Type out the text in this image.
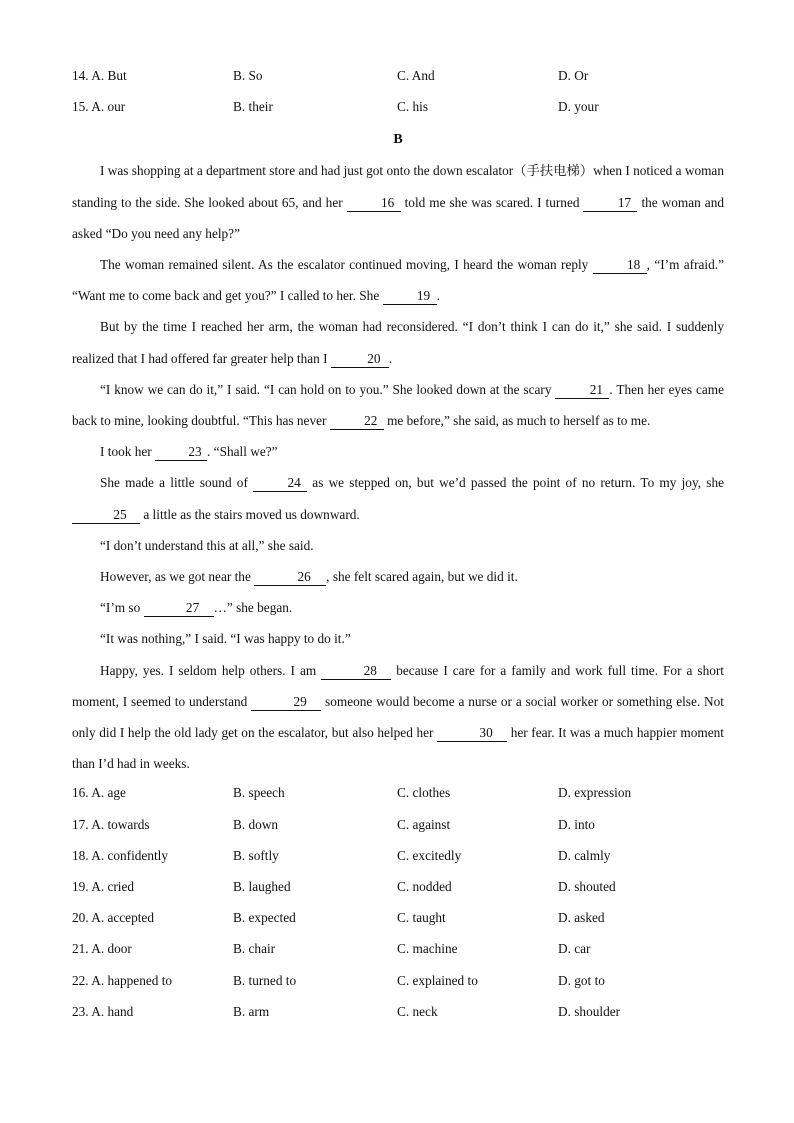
14. A. But	B. So	C. And	D. Or
15. A. our	B. their	C. his	D. your
B

I was shopping at a department store and had just got onto the down escalator（手扶电梯）when I noticed a woman standing to the side. She looked about 65, and her	16 told me she was scared. I turned	17 the woman and asked “Do you need any help?”

The woman remained silent. As the escalator continued moving, I heard the woman reply	18 , “I’m afraid.” “Want me to come back and get you?” I called to her. She	19 .

But by the time I reached her arm, the woman had reconsidered. “I don’t think I can do it,” she said. I suddenly realized that I had offered far greater help than I	20 .

“I know we can do it,” I said. “I can hold on to you.” She looked down at the scary	21 . Then her eyes came back to mine, looking doubtful. “This has never	22 me before,” she said, as much to herself as to me.

I took her	23 . “Shall we?”

She made a little sound of	24 as we stepped on, but we’d passed the point of no return. To my joy, she 25 a little as the stairs moved us downward.

“I don’t understand this at all,” she said.

However, as we got near the	26 , she felt scared again, but we did it.

“I’m so	27 …” she began.

“It was nothing,” I said. “I was happy to do it.”

Happy, yes. I seldom help others. I am	28 because I care for a family and work full time. For a short moment, I seemed to understand	29 someone would become a nurse or a social worker or something else. Not only did I help the old lady get on the escalator, but also helped her	30 her fear. It was a much happier moment than I’d had in weeks.

16. A. age	B. speech	C. clothes	D. expression
17. A. towards	B. down	C. against	D. into
18. A. confidently	B. softly	C. excitedly	D. calmly
19. A. cried	B. laughed	C. nodded	D. shouted
20. A. accepted	B. expected	C. taught	D. asked
21. A. door	B. chair	C. machine	D. car
22. A. happened to	B. turned to	C. explained to	D. got to
23. A. hand	B. arm	C. neck	D. shoulder
